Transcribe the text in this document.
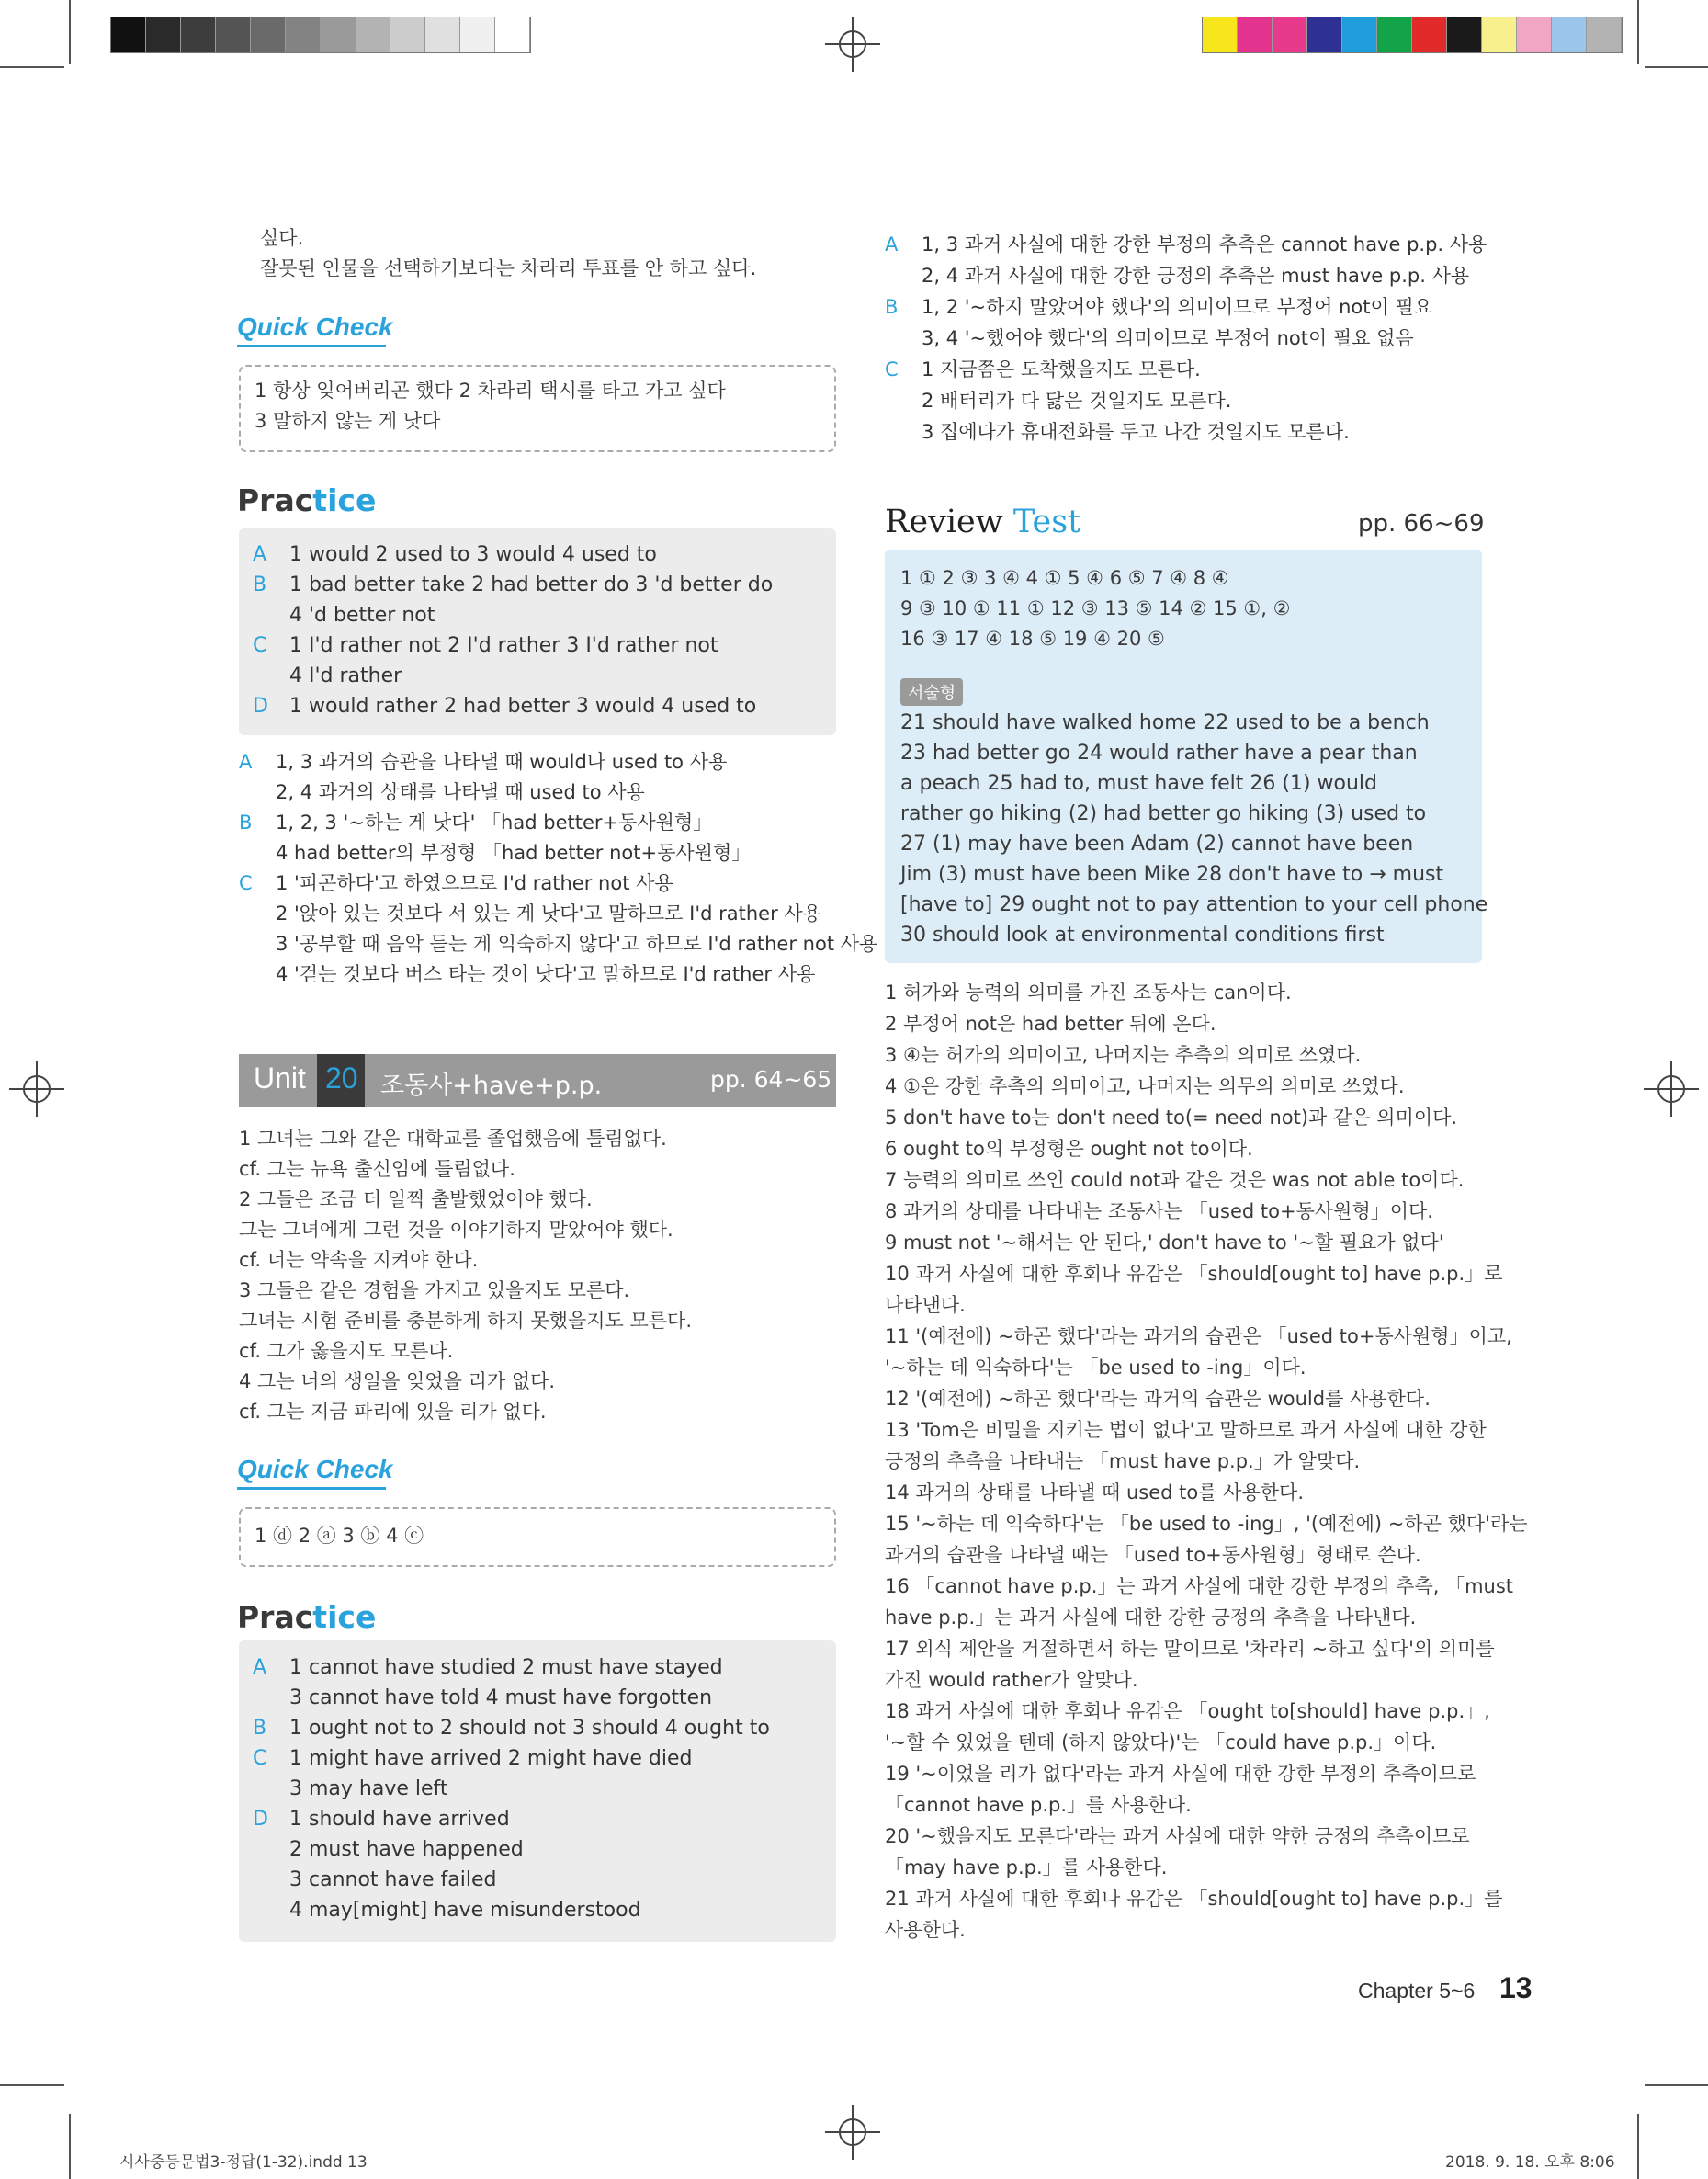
싶다.
잘못된 인물을 선택하기보다는 차라리 투표를 안 하고 싶다.
Quick Check
1 항상 잊어버리곤 했다 2 차라리 택시를 타고 가고 싶다
3 말하지 않는 게 낫다
Practice
A 1 would 2 used to 3 would 4 used to
B 1 bad better take 2 had better do 3 'd better do
4 'd better not
C 1 I'd rather not 2 I'd rather 3 I'd rather not
4 I'd rather
D 1 would rather 2 had better 3 would 4 used to
A 1, 3 과거의 습관을 나타낼 때 would나 used to 사용
2, 4 과거의 상태를 나타낼 때 used to 사용
B 1, 2, 3 '~하는 게 낫다' 「had better+동사원형」
4 had better의 부정형 「had better not+동사원형」
C 1 '피곤하다'고 하였으므로 I'd rather not 사용
2 '앉아 있는 것보다 서 있는 게 낫다'고 말하므로 I'd rather 사용
3 '공부할 때 음악 듣는 게 익숙하지 않다'고 하므로 I'd rather not 사용
4 '걷는 것보다 버스 타는 것이 낫다'고 말하므로 I'd rather 사용
Unit 20 조동사+have+p.p.	pp. 64~65
1 그녀는 그와 같은 대학교를 졸업했음에 틀림없다.
cf. 그는 뉴욕 출신임에 틀림없다.
2 그들은 조금 더 일찍 출발했었어야 했다.
그는 그녀에게 그런 것을 이야기하지 말았어야 했다.
cf. 너는 약속을 지켜야 한다.
3 그들은 같은 경험을 가지고 있을지도 모른다.
그녀는 시험 준비를 충분하게 하지 못했을지도 모른다.
cf. 그가 옳을지도 모른다.
4 그는 너의 생일을 잊었을 리가 없다.
cf. 그는 지금 파리에 있을 리가 없다.
Quick Check
1 ⓓ 2 ⓐ 3 ⓑ 4 ⓒ
Practice
A 1 cannot have studied 2 must have stayed
3 cannot have told 4 must have forgotten
B 1 ought not to 2 should not 3 should 4 ought to
C 1 might have arrived 2 might have died
3 may have left
D 1 should have arrived
2 must have happened
3 cannot have failed
4 may[might] have misunderstood
A 1, 3 과거 사실에 대한 강한 부정의 추측은 cannot have p.p. 사용
2, 4 과거 사실에 대한 강한 긍정의 추측은 must have p.p. 사용
B 1, 2 '~하지 말았어야 했다'의 의미이므로 부정어 not이 필요
3, 4 '~했어야 했다'의 의미이므로 부정어 not이 필요 없음
C 1 지금쯤은 도착했을지도 모른다.
2 배터리가 다 닳은 것일지도 모른다.
3 집에다가 휴대전화를 두고 나간 것일지도 모른다.
Review Test	pp. 66~69
1 ① 2 ③ 3 ④ 4 ① 5 ④ 6 ⑤ 7 ④ 8 ④
9 ③ 10 ① 11 ① 12 ③ 13 ⑤ 14 ② 15 ①, ②
16 ③ 17 ④ 18 ⑤ 19 ④ 20 ⑤
서술형
21 should have walked home 22 used to be a bench
23 had better go 24 would rather have a pear than
a peach 25 had to, must have felt 26 (1) would
rather go hiking (2) had better go hiking (3) used to
27 (1) may have been Adam (2) cannot have been
Jim (3) must have been Mike 28 don't have to → must
[have to] 29 ought not to pay attention to your cell phone
30 should look at environmental conditions first
1 허가와 능력의 의미를 가진 조동사는 can이다.
2 부정어 not은 had better 뒤에 온다.
3 ④는 허가의 의미이고, 나머지는 추측의 의미로 쓰였다.
4 ①은 강한 추측의 의미이고, 나머지는 의무의 의미로 쓰였다.
5 don't have to는 don't need to(= need not)과 같은 의미이다.
6 ought to의 부정형은 ought not to이다.
7 능력의 의미로 쓰인 could not과 같은 것은 was not able to이다.
8 과거의 상태를 나타내는 조동사는 「used to+동사원형」이다.
9 must not '~해서는 안 된다,' don't have to '~할 필요가 없다'
10 과거 사실에 대한 후회나 유감은 「should[ought to] have p.p.」로
나타낸다.
11 '(예전에) ~하곤 했다'라는 과거의 습관은 「used to+동사원형」이고,
'~하는 데 익숙하다'는 「be used to -ing」이다.
12 '(예전에) ~하곤 했다'라는 과거의 습관은 would를 사용한다.
13 'Tom은 비밀을 지키는 법이 없다'고 말하므로 과거 사실에 대한 강한
긍정의 추측을 나타내는 「must have p.p.」가 알맞다.
14 과거의 상태를 나타낼 때 used to를 사용한다.
15 '~하는 데 익숙하다'는 「be used to -ing」, '(예전에) ~하곤 했다'라는
과거의 습관을 나타낼 때는 「used to+동사원형」형태로 쓴다.
16 「cannot have p.p.」는 과거 사실에 대한 강한 부정의 추측, 「must
have p.p.」는 과거 사실에 대한 강한 긍정의 추측을 나타낸다.
17 외식 제안을 거절하면서 하는 말이므로 '차라리 ~하고 싶다'의 의미를
가진 would rather가 알맞다.
18 과거 사실에 대한 후회나 유감은 「ought to[should] have p.p.」,
'~할 수 있었을 텐데 (하지 않았다)'는 「could have p.p.」이다.
19 '~이었을 리가 없다'라는 과거 사실에 대한 강한 부정의 추측이므로
「cannot have p.p.」를 사용한다.
20 '~했을지도 모른다'라는 과거 사실에 대한 약한 긍정의 추측이므로
「may have p.p.」를 사용한다.
21 과거 사실에 대한 후회나 유감은 「should[ought to] have p.p.」를
사용한다.
Chapter 5~6 13
시사중등문법3-정답(1-32).indd 13	2018. 9. 18. 오후 8:06
